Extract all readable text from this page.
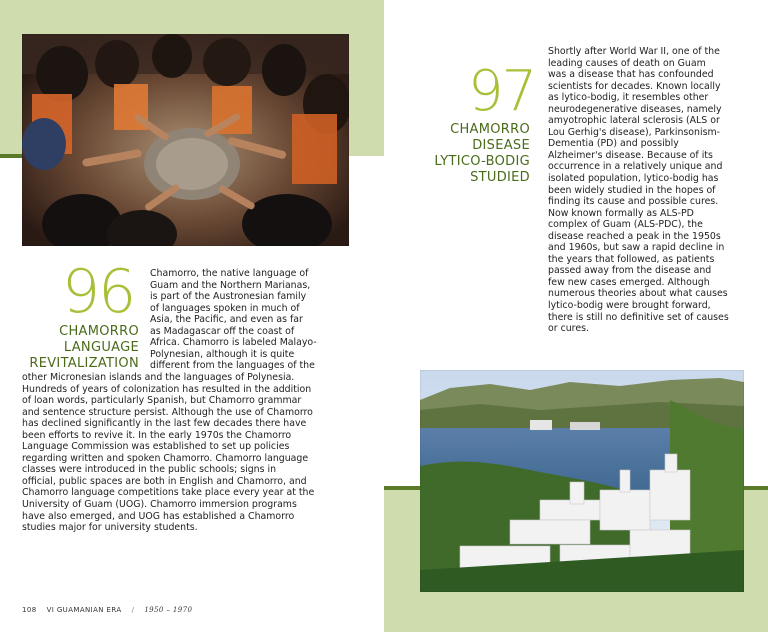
96
CHAMORRO
LANGUAGE
REVITALIZATION

Chamorro, the native language of

Guam and the Northern Marianas,

is part of the Austronesian family

of languages spoken in much of

Asia, the Pacific, and even as far

as Madagascar off the coast of

Africa. Chamorro is labeled Malayo-

Polynesian, although it is quite

different from the languages of the

other Micronesian islands and the languages of Polynesia.

Hundreds of years of colonization has resulted in the addition

of loan words, particularly Spanish, but Chamorro grammar

and sentence structure persist. Although the use of Chamorro

has declined significantly in the last few decades there have

been efforts to revive it. In the early 1970s the Chamorro

Language Commission was established to set up policies

regarding written and spoken Chamorro. Chamorro language

classes were introduced in the public schools; signs in

official, public spaces are both in English and Chamorro, and

Chamorro language competitions take place every year at the

University of Guam (UOG). Chamorro immersion programs

have also emerged, and UOG has established a Chamorro

studies major for university students.

108 VI GUAMANIAN ERA / 1950 – 1970
97
CHAMORRO
DISEASE
LYTICO-BODIG
STUDIED

Shortly after World War II, one of the

leading causes of death on Guam

was a disease that has confounded

scientists for decades. Known locally

as lytico-bodig, it resembles other

neurodegenerative diseases, namely

amyotrophic lateral sclerosis (ALS or

Lou Gerhig's disease), Parkinsonism-

Dementia (PD) and possibly

Alzheimer's disease. Because of its

occurrence in a relatively unique and

isolated population, lytico-bodig has

been widely studied in the hopes of

finding its cause and possible cures.

Now known formally as ALS-PD

complex of Guam (ALS-PDC), the

disease reached a peak in the 1950s

and 1960s, but saw a rapid decline in

the years that followed, as patients

passed away from the disease and

few new cases emerged. Although

numerous theories about what causes

lytico-bodig were brought forward,

there is still no definitive set of causes

or cures.
